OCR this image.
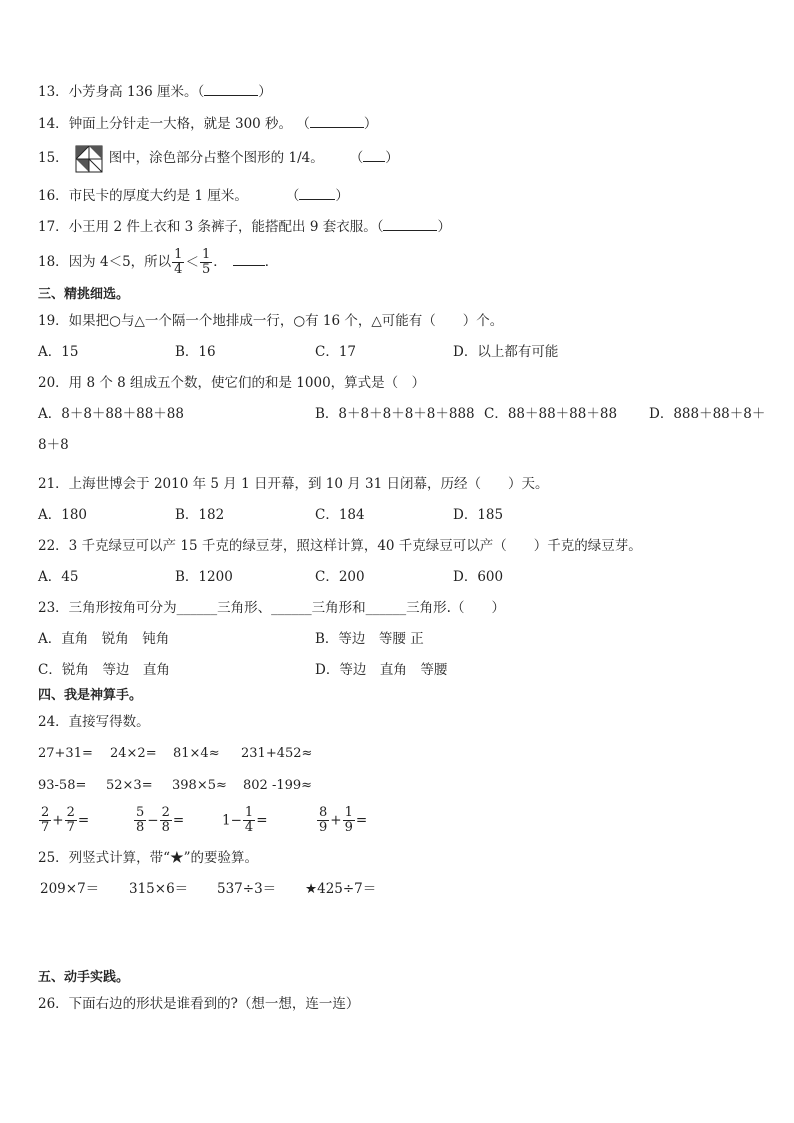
13．小芳身高 136 厘米。（	）
14．钟面上分针走一大格，就是 300 秒。 （	）
15．	图中，涂色部分占整个图形的 1/4。 （ ）
16．市民卡的厚度大约是 1 厘米。	（	）
17．小王用 2 件上衣和 3 条裤子，能搭配出 9 套衣服。（	）
18．因为 4＜5，所以 $\frac{1}{4} < \frac{1}{5}$ ．	．
三、精挑细选。
19．如果把○与△一个隔一个地排成一行，○有 16 个，△可能有（　　）个。
A．15	B．16	C．17	D．以上都有可能
20．用 8 个 8 组成五个数，使它们的和是 1000，算式是（　）
A．8＋8＋88＋88＋88	B．8＋8＋8＋8＋8＋888 C．88＋88＋88＋88 D．888＋88＋8＋
8＋8
21．上海世博会于 2010 年 5 月 1 日开幕，到 10 月 31 日闭幕，历经（　　）天。
A．180	B．182	C．184	D．185
22．3 千克绿豆可以产 15 千克的绿豆芽，照这样计算，40 千克绿豆可以产（　　）千克的绿豆芽。
A．45	B．1200	C．200	D．600
23．三角形按角可分为______三角形、______三角形和______三角形.（　　）
A．直角　锐角　钝角	B．等边　等腰 正
C．锐角　等边　直角	D．等边　直角　等腰
四、我是神算手。
24．直接写得数。
27+31= 24×2= 81×4≈ 231+452≈
93-58= 52×3= 398×5≈ 802 -199≈
$\frac{2}{7} + \frac{2}{7}$ =	$\frac{5}{8} - \frac{2}{8}$ =	$1- \frac{1}{4}$ =	$\frac{8}{9} + \frac{1}{9}$ =
25．列竖式计算，带“★”的要验算。
209×7＝ 315×6＝ 537÷3＝ ★425÷7＝
五、动手实践。
26．下面右边的形状是谁看到的?（想一想，连一连）
